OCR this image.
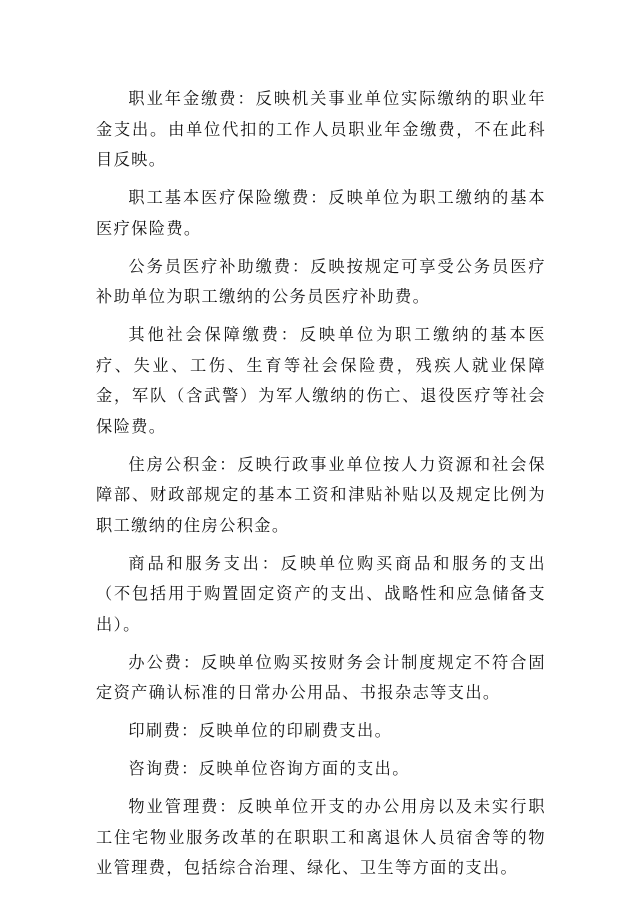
职业年金缴费：反映机关事业单位实际缴纳的职业年金支出。由单位代扣的工作人员职业年金缴费，不在此科目反映。

职工基本医疗保险缴费：反映单位为职工缴纳的基本医疗保险费。

公务员医疗补助缴费：反映按规定可享受公务员医疗补助单位为职工缴纳的公务员医疗补助费。

其他社会保障缴费：反映单位为职工缴纳的基本医疗、失业、工伤、生育等社会保险费，残疾人就业保障金，军队（含武警）为军人缴纳的伤亡、退役医疗等社会保险费。

住房公积金：反映行政事业单位按人力资源和社会保障部、财政部规定的基本工资和津贴补贴以及规定比例为职工缴纳的住房公积金。

商品和服务支出：反映单位购买商品和服务的支出（不包括用于购置固定资产的支出、战略性和应急储备支出）。

办公费：反映单位购买按财务会计制度规定不符合固定资产确认标准的日常办公用品、书报杂志等支出。

印刷费：反映单位的印刷费支出。

咨询费：反映单位咨询方面的支出。

物业管理费：反映单位开支的办公用房以及未实行职工住宅物业服务改革的在职职工和离退休人员宿舍等的物业管理费，包括综合治理、绿化、卫生等方面的支出。
